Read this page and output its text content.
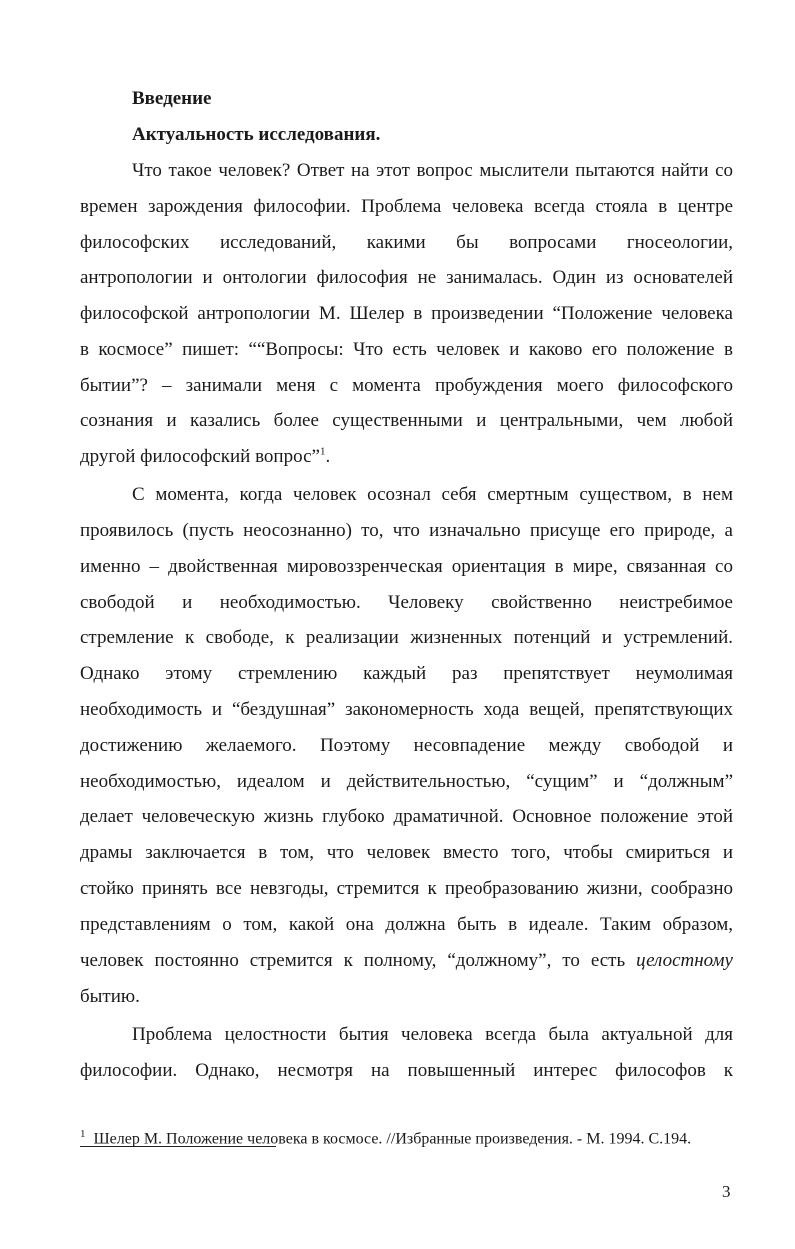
Введение
Актуальность исследования.
Что такое человек? Ответ на этот вопрос мыслители пытаются найти со
времен зарождения философии. Проблема человека всегда стояла в центре
философских исследований, какими бы вопросами гносеологии,
антропологии и онтологии философия не занималась. Один из основателей
философской антропологии М. Шелер в произведении “Положение человека
в космосе” пишет: ““Вопросы: Что есть человек и каково его положение в
бытии”? – занимали меня с момента пробуждения моего философского
сознания и казались более существенными и центральными, чем любой
другой философский вопрос”$^1$.
С момента, когда человек осознал себя смертным существом, в нем
проявилось (пусть неосознанно) то, что изначально присуще его природе, а
именно – двойственная мировоззренческая ориентация в мире, связанная со
свободой и необходимостью. Человеку свойственно неистребимое
стремление к свободе, к реализации жизненных потенций и устремлений.
Однако этому стремлению каждый раз препятствует неумолимая
необходимость и “бездушная” закономерность хода вещей, препятствующих
достижению желаемого. Поэтому несовпадение между свободой и
необходимостью, идеалом и действительностью, “сущим” и “должным”
делает человеческую жизнь глубоко драматичной. Основное положение этой
драмы заключается в том, что человек вместо того, чтобы смириться и
стойко принять все невзгоды, стремится к преобразованию жизни, сообразно
представлениям о том, какой она должна быть в идеале. Таким образом,
человек постоянно стремится к полному, “должному”, то есть целостному
бытию.
Проблема целостности бытия человека всегда была актуальной для
философии. Однако, несмотря на повышенный интерес философов к
$^1$ Шелер М. Положение человека в космосе. //Избранные произведения. - М. 1994. С.194.
3
